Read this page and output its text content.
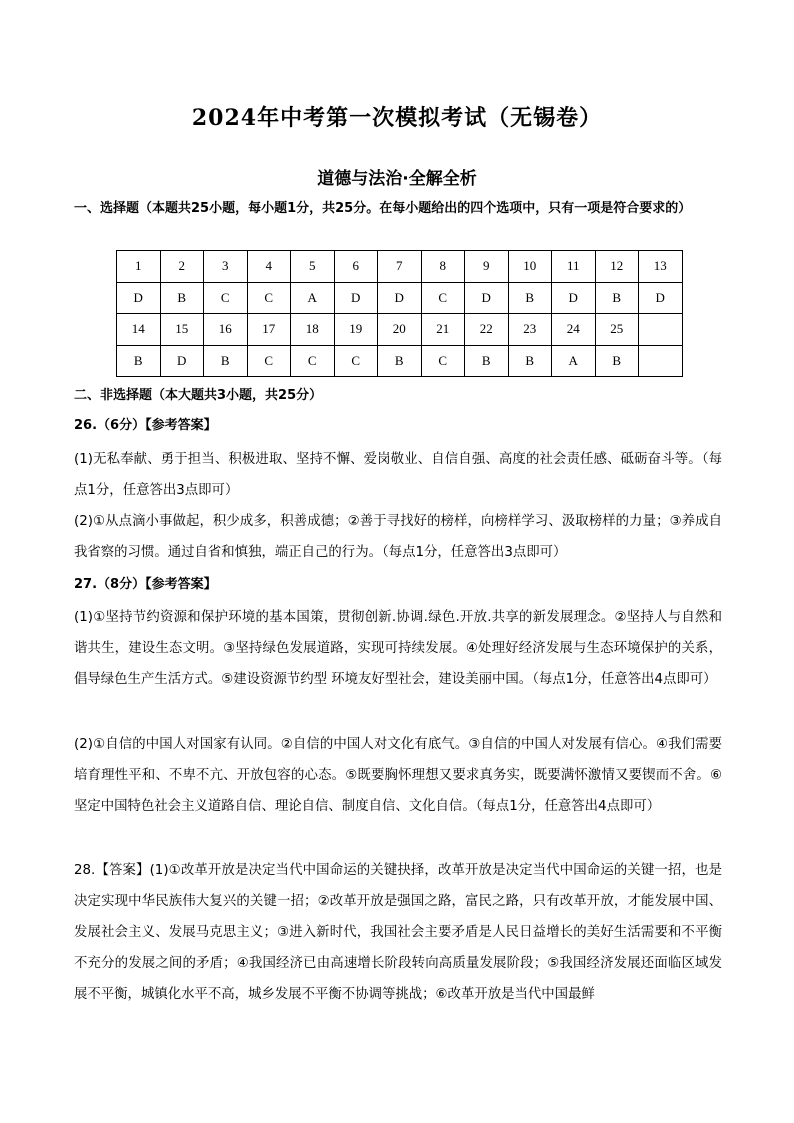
2024年中考第一次模拟考试（无锡卷）
道德与法治·全解全析
一、选择题（本题共25小题，每小题1分，共25分。在每小题给出的四个选项中，只有一项是符合要求的）
1	2	3	4	5	6	7	8	9	10	11	12	13
D	B	C	C	A	D	D	C	D	B	D	B	D
14	15	16	17	18	19	20	21	22	23	24	25	
B	D	B	C	C	C	B	C	B	B	A	B	
二、非选择题（本大题共3小题，共25分）
26.（6分）【参考答案】
(1)无私奉献、勇于担当、积极进取、坚持不懈、爱岗敬业、自信自强、高度的社会责任感、砥砺奋斗等。（每点1分，任意答出3点即可）
(2)①从点滴小事做起，积少成多，积善成德；②善于寻找好的榜样，向榜样学习、汲取榜样的力量；③养成自我省察的习惯。通过自省和慎独，端正自己的行为。（每点1分，任意答出3点即可）
27.（8分）【参考答案】
(1)①坚持节约资源和保护环境的基本国策，贯彻创新.协调.绿色.开放.共享的新发展理念。②坚持人与自然和谐共生，建设生态文明。③坚持绿色发展道路，实现可持续发展。④处理好经济发展与生态环境保护的关系，倡导绿色生产生活方式。⑤建设资源节约型 环境友好型社会，建设美丽中国。（每点1分，任意答出4点即可）
(2)①自信的中国人对国家有认同。②自信的中国人对文化有底气。③自信的中国人对发展有信心。④我们需要培育理性平和、不卑不亢、开放包容的心态。⑤既要胸怀理想又要求真务实，既要满怀激情又要锲而不舍。⑥坚定中国特色社会主义道路自信、理论自信、制度自信、文化自信。（每点1分，任意答出4点即可）
28.【答案】(1)①改革开放是决定当代中国命运的关键抉择，改革开放是决定当代中国命运的关键一招，也是决定实现中华民族伟大复兴的关键一招；②改革开放是强国之路，富民之路，只有改革开放，才能发展中国、发展社会主义、发展马克思主义；③进入新时代，我国社会主要矛盾是人民日益增长的美好生活需要和不平衡不充分的发展之间的矛盾；④我国经济已由高速增长阶段转向高质量发展阶段；⑤我国经济发展还面临区域发展不平衡，城镇化水平不高，城乡发展不平衡不协调等挑战；⑥改革开放是当代中国最鲜
